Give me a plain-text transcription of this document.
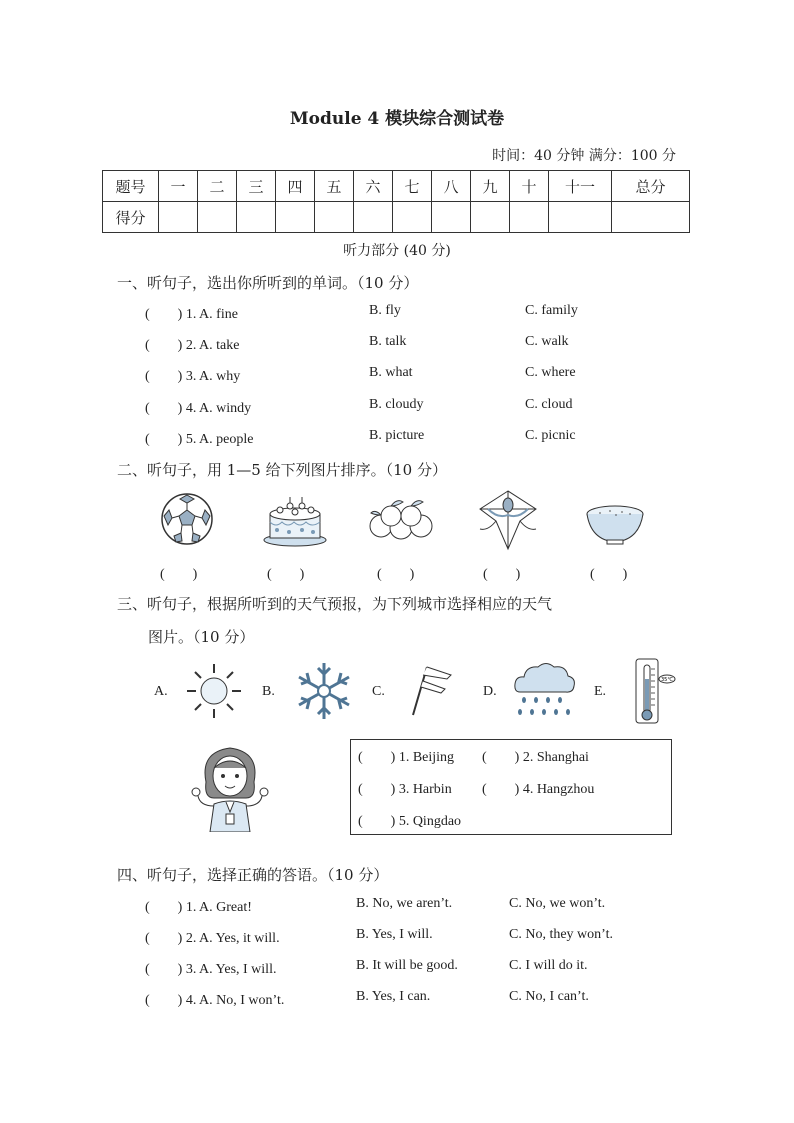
Module 4 模块综合测试卷
时间：40 分钟 满分：100 分
题号	一	二	三	四	五	六	七	八	九	十	十一	总分
得分												
听力部分 (40 分)
一、听句子，选出你所听到的单词。（10 分）
(　　) 1. A. fine	B. fly	C. family
(　　) 2. A. take	B. talk	C. walk
(　　) 3. A. why	B. what	C. where
(　　) 4. A. windy	B. cloudy	C. cloud
(　　) 5. A. people	B. picture	C. picnic
二、听句子，用 1—5 给下列图片排序。（10 分）
(　　)	(　　)	(　　)	(　　)	(　　)
三、听句子，根据所听到的天气预报，为下列城市选择相应的天气
图片。（10 分）
A.	B.	C.	D.	E.
35℃
(　　) 1. Beijing (　　) 2. Shanghai
(　　) 3. Harbin (　　) 4. Hangzhou
(　　) 5. Qingdao
四、听句子，选择正确的答语。（10 分）
(　　) 1. A. Great!	B. No, we aren’t.	C. No, we won’t.
(　　) 2. A. Yes, it will.	B. Yes, I will.	C. No, they won’t.
(　　) 3. A. Yes, I will.	B. It will be good.	C. I will do it.
(　　) 4. A. No, I won’t.	B. Yes, I can.	C. No, I can’t.
